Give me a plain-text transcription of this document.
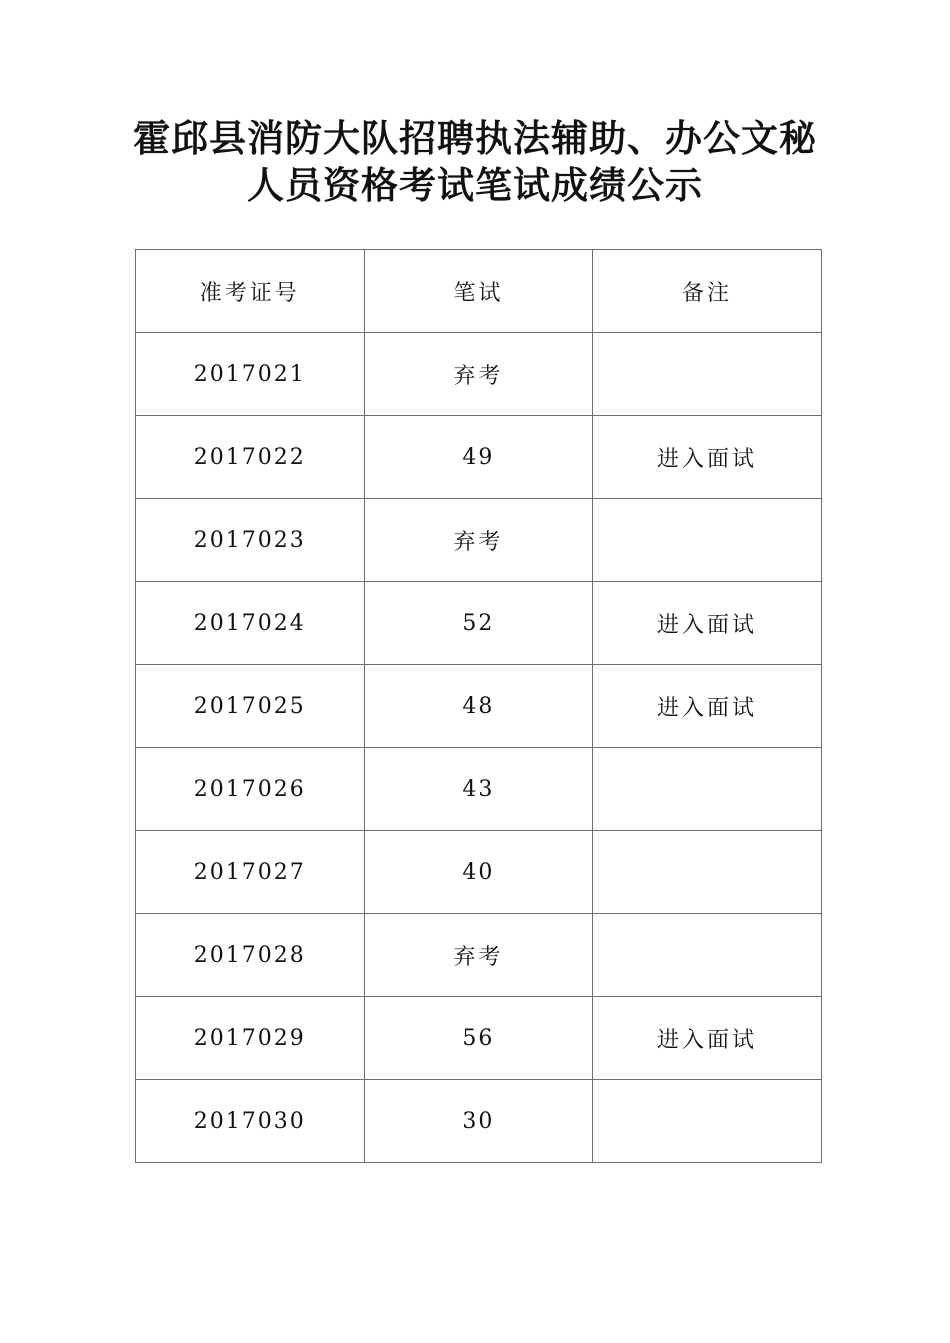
霍邱县消防大队招聘执法辅助、办公文秘
人员资格考试笔试成绩公示
准考证号	笔试	备注
2017021	弃考	
2017022	49	进入面试
2017023	弃考	
2017024	52	进入面试
2017025	48	进入面试
2017026	43	
2017027	40	
2017028	弃考	
2017029	56	进入面试
2017030	30	
